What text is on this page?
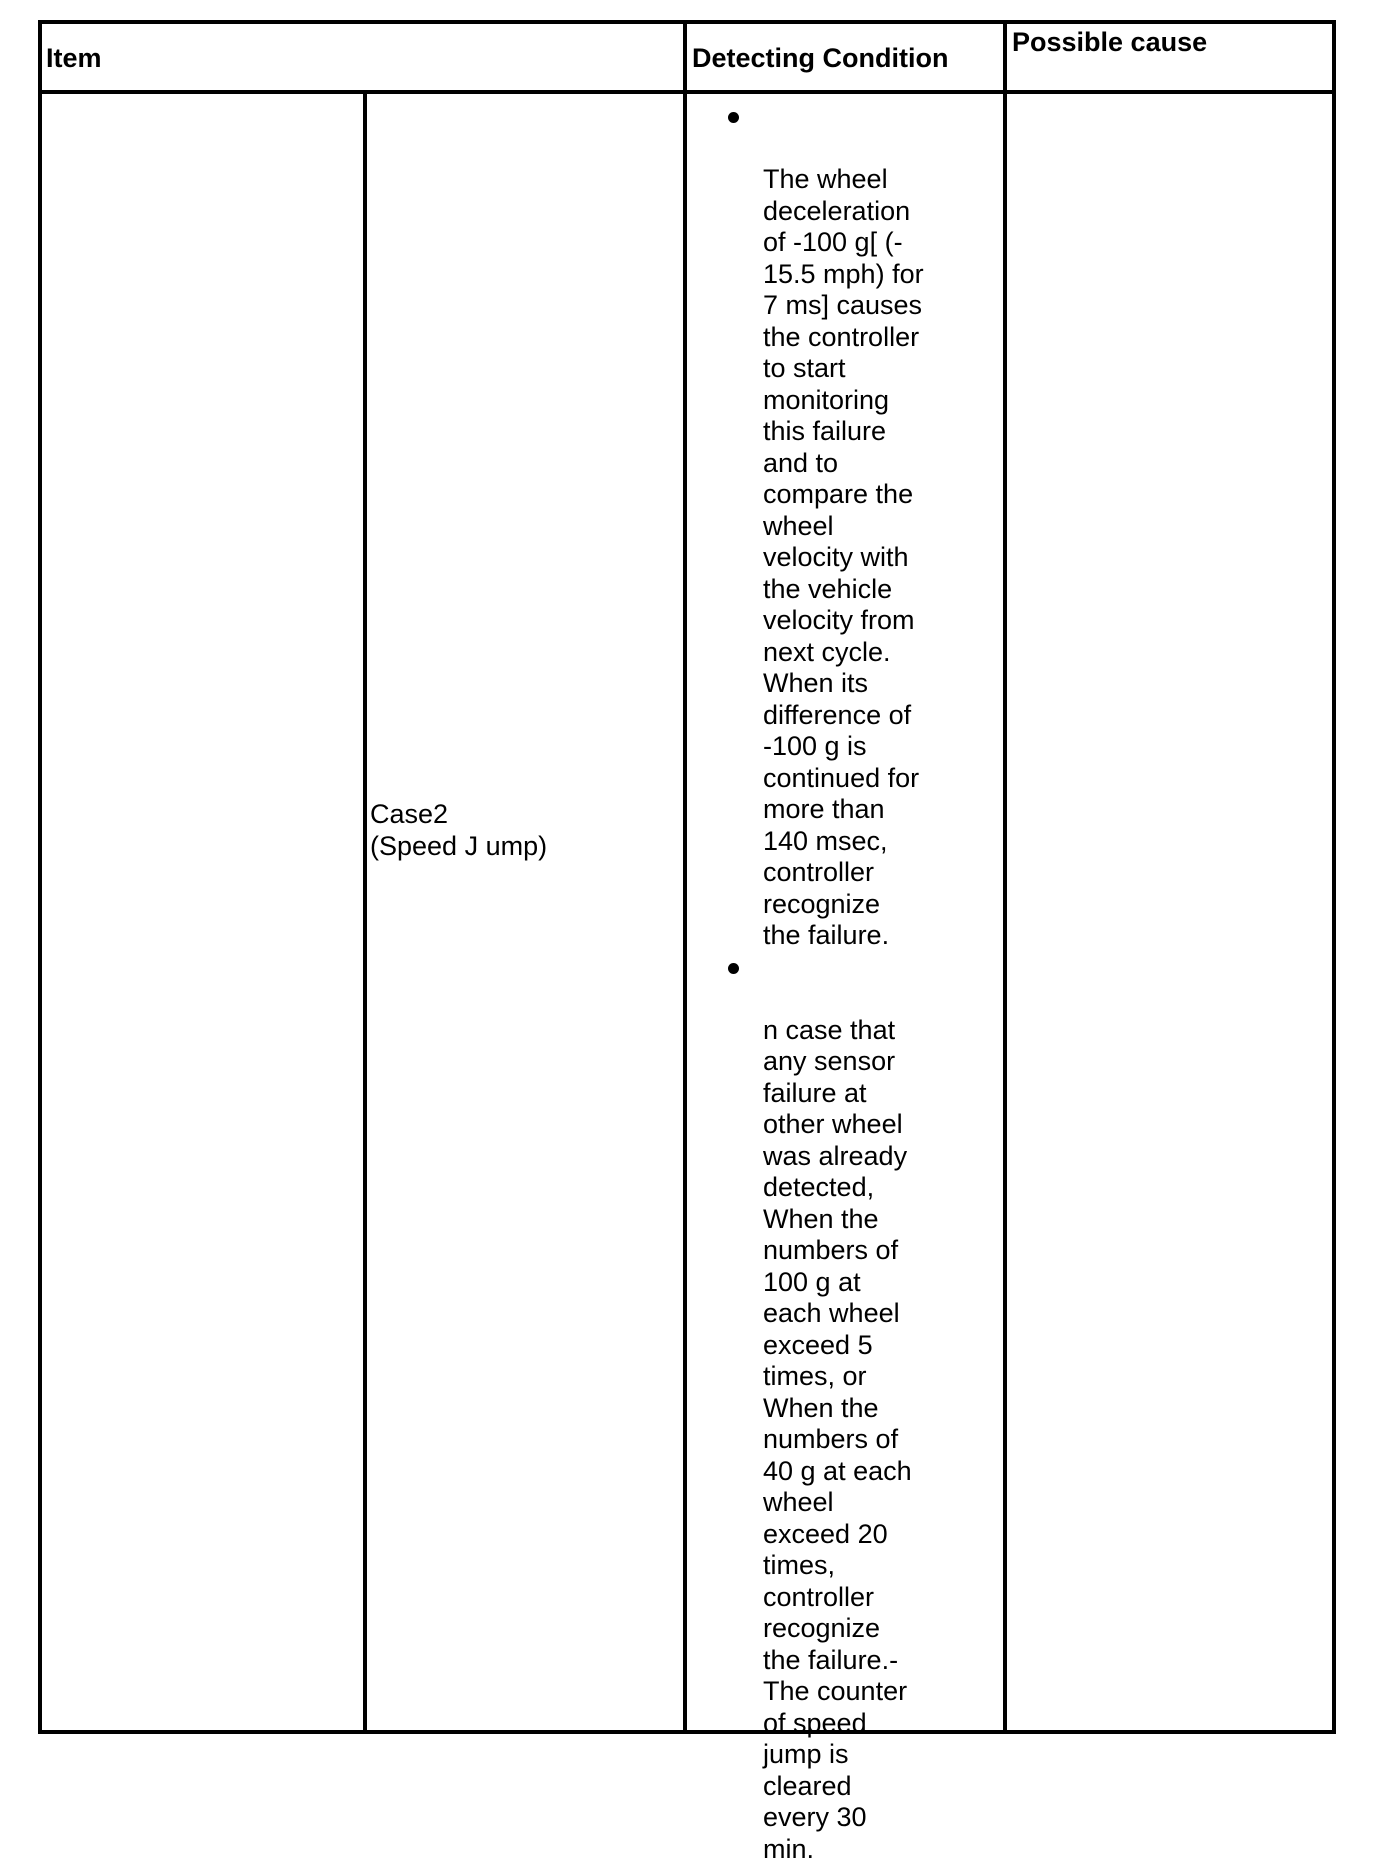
Item	Detecting Condition
Possible cause
Case2
(Speed J ump)

The wheel
deceleration
of -100 g[ (-
15.5 mph) for
7 ms] causes
the controller
to start
monitoring
this failure
and to
compare the
wheel
velocity with
the vehicle
velocity from
next cycle.
When its
difference of
-100 g is
continued for
more than
140 msec,
controller
recognize
the failure.

n case that
any sensor
failure at
other wheel
was already
detected,
When the
numbers of
100 g at
each wheel
exceed 5
times, or
When the
numbers of
40 g at each
wheel
exceed 20
times,
controller
recognize
the failure.-
The counter
of speed
jump is
cleared
every 30
min.
